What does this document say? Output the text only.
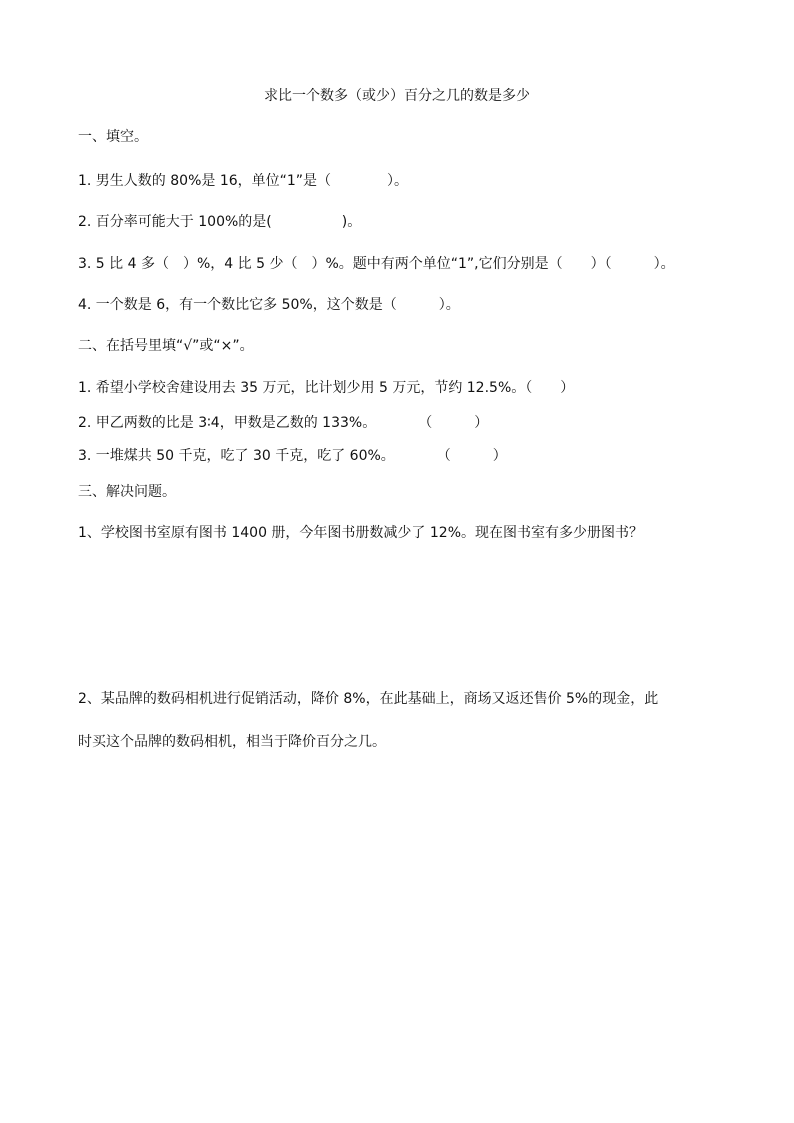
求比一个数多（或少）百分之几的数是多少
一、填空。
1. 男生人数的 80%是 16，单位“1”是（　　　　）。
2. 百分率可能大于 100%的是(　　　　　)。
3. 5 比 4 多（　）%，4 比 5 少（　）%。题中有两个单位“1”,它们分别是（　　）（　　　）。
4. 一个数是 6，有一个数比它多 50%，这个数是（　　　）。
二、在括号里填“√”或“×”。
1. 希望小学校舍建设用去 35 万元，比计划少用 5 万元，节约 12.5%。（　　）
2. 甲乙两数的比是 3∶4，甲数是乙数的 133%。　　　　（　　　）
3. 一堆煤共 50 千克，吃了 30 千克，吃了 60%。　　　　（　　　）
三、解决问题。
1、学校图书室原有图书 1400 册，今年图书册数减少了 12%。现在图书室有多少册图书？
2、某品牌的数码相机进行促销活动，降价 8%，在此基础上，商场又返还售价 5%的现金，此
时买这个品牌的数码相机，相当于降价百分之几。
